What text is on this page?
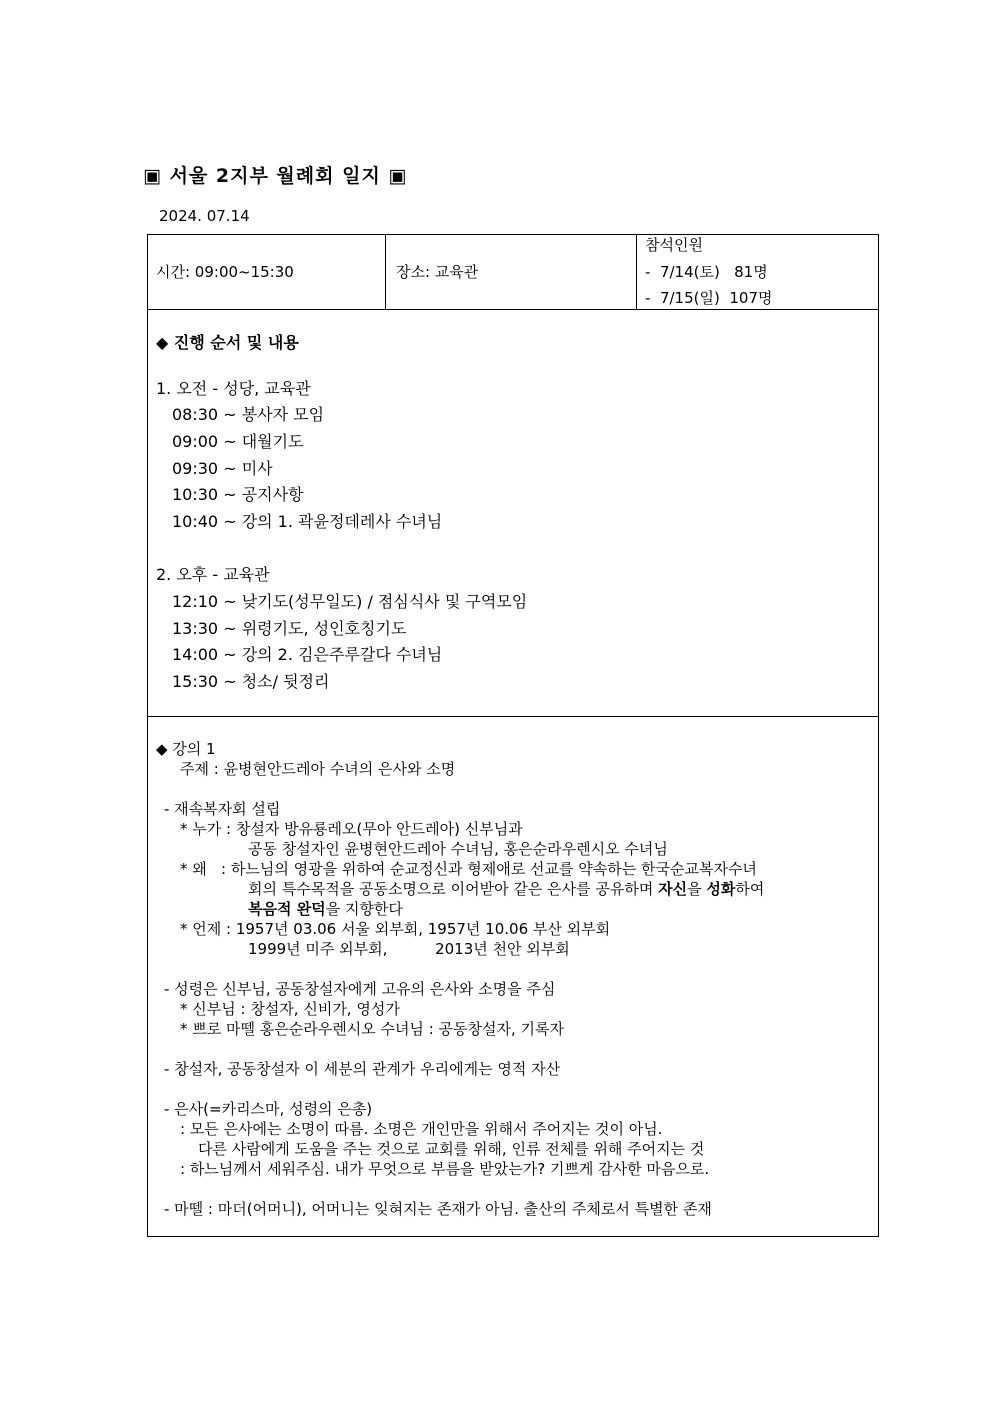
▣ 서울 2지부 월례회 일지 ▣
2024. 07.14
시간: 09:00~15:30	장소: 교육관
참석인원
-  7/14(토)   81명
-  7/15(일)  107명
◆ 진행 순서 및 내용
1. 오전 - 성당, 교육관
08:30 ~ 봉사자 모임
09:00 ~ 대월기도
09:30 ~ 미사
10:30 ~ 공지사항
10:40 ~ 강의 1. 곽윤정데레사 수녀님
2. 오후 - 교육관
12:10 ~ 낮기도(성무일도) / 점심식사 및 구역모임
13:30 ~ 위령기도, 성인호칭기도
14:00 ~ 강의 2. 김은주루갈다 수녀님
15:30 ~ 청소/ 뒷정리
◆ 강의 1
주제 : 윤병현안드레아 수녀의 은사와 소명
- 재속복자회 설립
* 누가 : 창설자 방유룡레오(무아 안드레아) 신부님과
공동 창설자인 윤병현안드레아 수녀님, 홍은순라우렌시오 수녀님
* 왜   : 하느님의 영광을 위하여 순교정신과 형제애로 선교를 약속하는 한국순교복자수녀
회의 특수목적을 공동소명으로 이어받아 같은 은사를 공유하며 자신을 성화하여
복음적 완덕을 지향한다
* 언제 : 1957년 03.06 서울 외부회, 1957년 10.06 부산 외부회
1999년 미주 외부회,          2013년 천안 외부회
- 성령은 신부님, 공동창설자에게 고유의 은사와 소명을 주심
* 신부님 : 창설자, 신비가, 영성가
* 쁘로 마뗄 홍은순라우렌시오 수녀님 : 공동창설자, 기록자
- 창설자, 공동창설자 이 세분의 관계가 우리에게는 영적 자산
- 은사(=카리스마, 성령의 은총)
: 모든 은사에는 소명이 따름. 소명은 개인만을 위해서 주어지는 것이 아님.
다른 사람에게 도움을 주는 것으로 교회를 위해, 인류 전체를 위해 주어지는 것
: 하느님께서 세워주심. 내가 무엇으로 부름을 받았는가? 기쁘게 감사한 마음으로.
- 마뗄 : 마더(어머니), 어머니는 잊혀지는 존재가 아님. 출산의 주체로서 특별한 존재
